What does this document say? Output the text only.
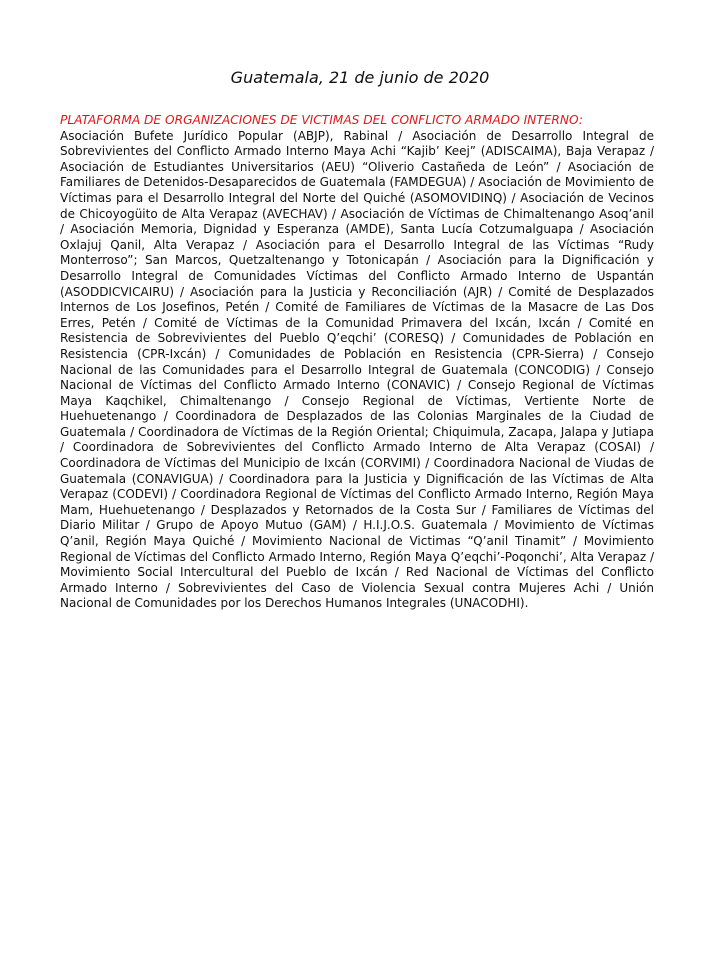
Guatemala, 21 de junio de 2020
PLATAFORMA DE ORGANIZACIONES DE VICTIMAS DEL CONFLICTO ARMADO INTERNO:
Asociación Bufete Jurídico Popular (ABJP), Rabinal / Asociación de Desarrollo Integral de Sobrevivientes del Conflicto Armado Interno Maya Achi “Kajib’ Keej” (ADISCAIMA), Baja Verapaz / Asociación de Estudiantes Universitarios (AEU) “Oliverio Castañeda de León” / Asociación de Familiares de Detenidos-Desaparecidos de Guatemala (FAMDEGUA) / Asociación de Movimiento de Víctimas para el Desarrollo Integral del Norte del Quiché (ASOMOVIDINQ) / Asociación de Vecinos de Chicoyogüito de Alta Verapaz (AVECHAV) / Asociación de Víctimas de Chimaltenango Asoq’anil / Asociación Memoria, Dignidad y Esperanza (AMDE), Santa Lucía Cotzumalguapa / Asociación Oxlajuj Qanil, Alta Verapaz / Asociación para el Desarrollo Integral de las Víctimas “Rudy Monterroso”; San Marcos, Quetzaltenango y Totonicapán / Asociación para la Dignificación y Desarrollo Integral de Comunidades Víctimas del Conflicto Armado Interno de Uspantán (ASODDICVICAIRU) / Asociación para la Justicia y Reconciliación (AJR) / Comité de Desplazados Internos de Los Josefinos, Petén / Comité de Familiares de Víctimas de la Masacre de Las Dos Erres, Petén / Comité de Víctimas de la Comunidad Primavera del Ixcán, Ixcán / Comité en Resistencia de Sobrevivientes del Pueblo Q’eqchi’ (CORESQ) / Comunidades de Población en Resistencia (CPR-Ixcán) / Comunidades de Población en Resistencia (CPR-Sierra) / Consejo Nacional de las Comunidades para el Desarrollo Integral de Guatemala (CONCODIG) / Consejo Nacional de Víctimas del Conflicto Armado Interno (CONAVIC) / Consejo Regional de Víctimas Maya Kaqchikel, Chimaltenango / Consejo Regional de Víctimas, Vertiente Norte de Huehuetenango / Coordinadora de Desplazados de las Colonias Marginales de la Ciudad de Guatemala / Coordinadora de Víctimas de la Región Oriental; Chiquimula, Zacapa, Jalapa y Jutiapa / Coordinadora de Sobrevivientes del Conflicto Armado Interno de Alta Verapaz (COSAI) / Coordinadora de Víctimas del Municipio de Ixcán (CORVIMI) / Coordinadora Nacional de Viudas de Guatemala (CONAVIGUA) / Coordinadora para la Justicia y Dignificación de las Víctimas de Alta Verapaz (CODEVI) / Coordinadora Regional de Víctimas del Conflicto Armado Interno, Región Maya Mam, Huehuetenango / Desplazados y Retornados de la Costa Sur / Familiares de Víctimas del Diario Militar / Grupo de Apoyo Mutuo (GAM) / H.I.J.O.S. Guatemala / Movimiento de Víctimas Q’anil, Región Maya Quiché / Movimiento Nacional de Victimas “Q’anil Tinamit” / Movimiento Regional de Víctimas del Conflicto Armado Interno, Región Maya Q’eqchi’-Poqonchi’, Alta Verapaz / Movimiento Social Intercultural del Pueblo de Ixcán / Red Nacional de Víctimas del Conflicto Armado Interno / Sobrevivientes del Caso de Violencia Sexual contra Mujeres Achi / Unión Nacional de Comunidades por los Derechos Humanos Integrales (UNACODHI).
